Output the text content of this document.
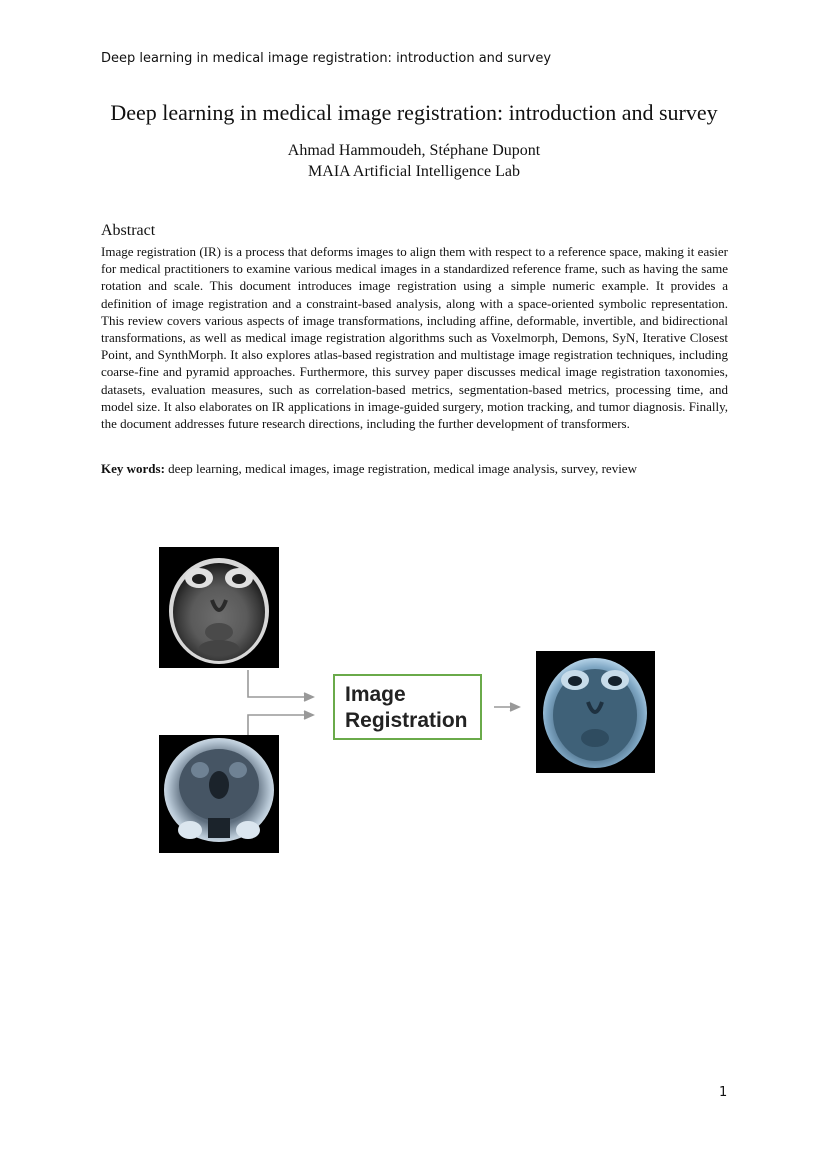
Deep learning in medical image registration: introduction and survey
Deep learning in medical image registration: introduction and survey
Ahmad Hammoudeh, Stéphane Dupont
MAIA Artificial Intelligence Lab
Abstract
Image registration (IR) is a process that deforms images to align them with respect to a reference space, making it easier for medical practitioners to examine various medical images in a standardized reference frame, such as having the same rotation and scale. This document introduces image registration using a simple numeric example. It provides a definition of image registration and a constraint-based analysis, along with a space-oriented symbolic representation. This review covers various aspects of image transformations, including affine, deformable, invertible, and bidirectional transformations, as well as medical image registration algorithms such as Voxelmorph, Demons, SyN, Iterative Closest Point, and SynthMorph. It also explores atlas-based registration and multistage image registration techniques, including coarse-fine and pyramid approaches. Furthermore, this survey paper discusses medical image registration taxonomies, datasets, evaluation measures, such as correlation-based metrics, segmentation-based metrics, processing time, and model size. It also elaborates on IR applications in image-guided surgery, motion tracking, and tumor diagnosis. Finally, the document addresses future research directions, including the further development of transformers.
Key words: deep learning, medical images, image registration, medical image analysis, survey, review
Image
Registration
1
